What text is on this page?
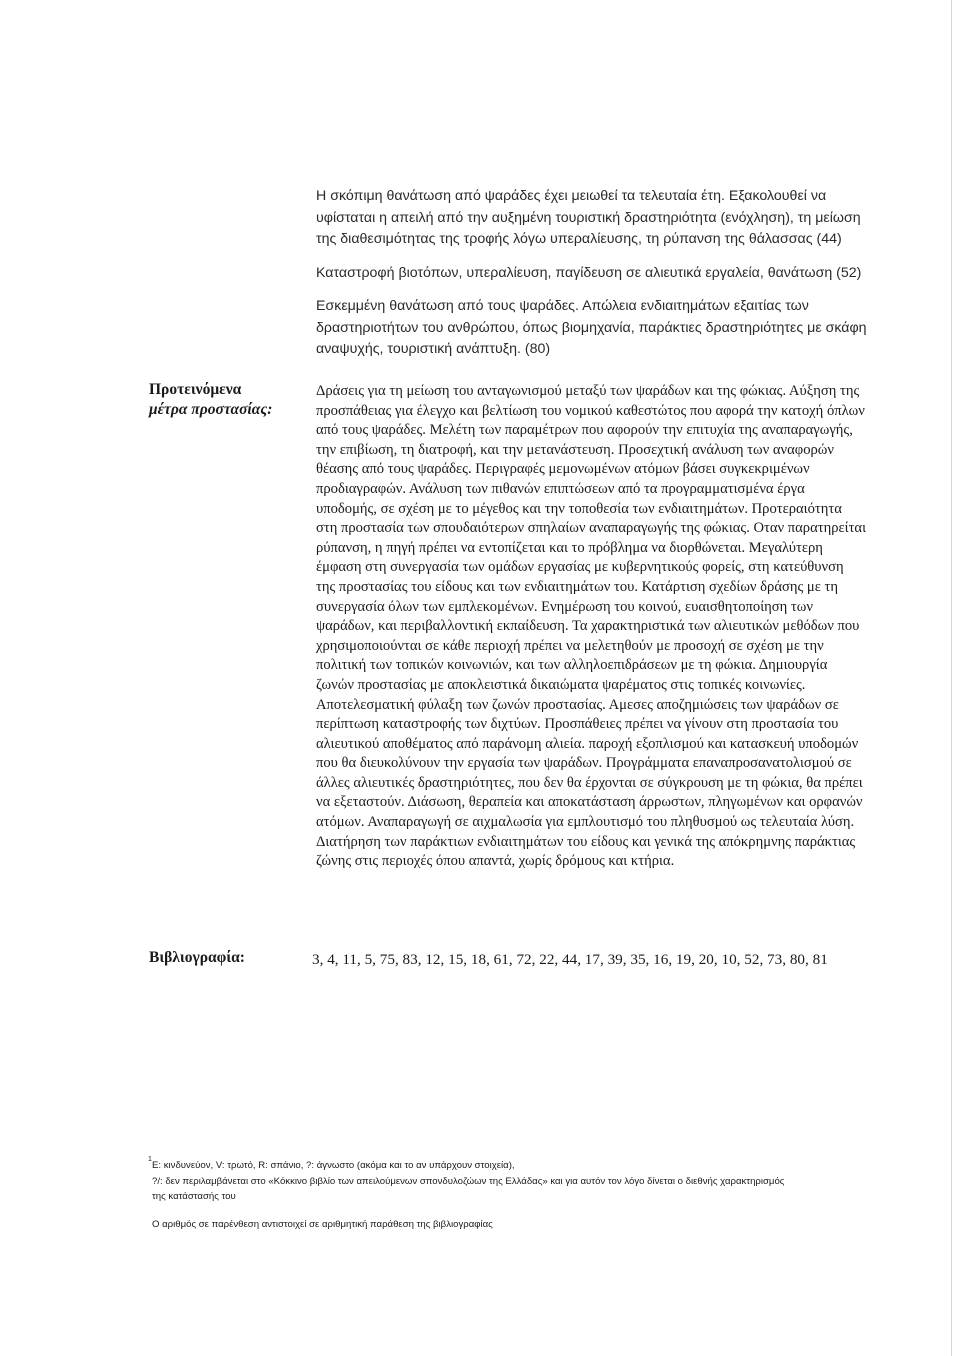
Η σκόπιμη θανάτωση από ψαράδες έχει μειωθεί τα τελευταία έτη. Εξακολουθεί να υφίσταται η απειλή από την αυξημένη τουριστική δραστηριότητα (ενόχληση), τη μείωση της διαθεσιμότητας της τροφής λόγω υπεραλίευσης, τη ρύπανση της θάλασσας (44)

Καταστροφή βιοτόπων, υπεραλίευση, παγίδευση σε αλιευτικά εργαλεία, θανάτωση (52)

Εσκεμμένη θανάτωση από τους ψαράδες. Απώλεια ενδιαιτημάτων εξαιτίας των δραστηριοτήτων του ανθρώπου, όπως βιομηχανία, παράκτιες δραστηριότητες με σκάφη αναψυχής, τουριστική ανάπτυξη. (80)

Προτεινόμενα
μέτρα προστασίας:
Δράσεις για τη μείωση του ανταγωνισμού μεταξύ των ψαράδων και της φώκιας. Αύξηση της προσπάθειας για έλεγχο και βελτίωση του νομικού καθεστώτος που αφορά την κατοχή όπλων από τους ψαράδες. Μελέτη των παραμέτρων που αφορούν την επιτυχία της αναπαραγωγής, την επιβίωση, τη διατροφή, και την μετανάστευση. Προσεχτική ανάλυση των αναφορών θέασης από τους ψαράδες. Περιγραφές μεμονωμένων ατόμων βάσει συγκεκριμένων προδιαγραφών. Ανάλυση των πιθανών επιπτώσεων από τα προγραμματισμένα έργα υποδομής, σε σχέση με το μέγεθος και την τοποθεσία των ενδιαιτημάτων. Προτεραιότητα στη προστασία των σπουδαιότερων σπηλαίων αναπαραγωγής της φώκιας. Οταν παρατηρείται ρύπανση, η πηγή πρέπει να εντοπίζεται και το πρόβλημα να διορθώνεται. Μεγαλύτερη έμφαση στη συνεργασία των ομάδων εργασίας με κυβερνητικούς φορείς, στη κατεύθυνση της προστασίας του είδους και των ενδιαιτημάτων του. Κατάρτιση σχεδίων δράσης με τη συνεργασία όλων των εμπλεκομένων. Ενημέρωση του κοινού, ευαισθητοποίηση των ψαράδων, και περιβαλλοντική εκπαίδευση. Τα χαρακτηριστικά των αλιευτικών μεθόδων που χρησιμοποιούνται σε κάθε περιοχή πρέπει να μελετηθούν με προσοχή σε σχέση με την πολιτική των τοπικών κοινωνιών, και των αλληλοεπιδράσεων με τη φώκια. Δημιουργία ζωνών προστασίας με αποκλειστικά δικαιώματα ψαρέματος στις τοπικές κοινωνίες. Αποτελεσματική φύλαξη των ζωνών προστασίας. Αμεσες αποζημιώσεις των ψαράδων σε περίπτωση καταστροφής των διχτύων. Προσπάθειες πρέπει να γίνουν στη προστασία του αλιευτικού αποθέματος από παράνομη αλιεία. παροχή εξοπλισμού και κατασκευή υποδομών που θα διευκολύνουν την εργασία των ψαράδων. Προγράμματα επαναπροσανατολισμού σε άλλες αλιευτικές δραστηριότητες, που δεν θα έρχονται σε σύγκρουση με τη φώκια, θα πρέπει να εξεταστούν. Διάσωση, θεραπεία και αποκατάσταση άρρωστων, πληγωμένων και ορφανών ατόμων. Αναπαραγωγή σε αιχμαλωσία για εμπλουτισμό του πληθυσμού ως τελευταία λύση. Διατήρηση των παράκτιων ενδιαιτημάτων του είδους και γενικά της απόκρημνης παράκτιας ζώνης στις περιοχές όπου απαντά, χωρίς δρόμους και κτήρια.
Βιβλιογραφία:	3, 4, 11, 5, 75, 83, 12, 15, 18, 61, 72, 22, 44, 17, 39, 35, 16, 19, 20, 10, 52, 73, 80, 81
1

E: κινδυνεύον, V: τρωτό, R: σπάνιο, ?: άγνωστο (ακόμα και το αν υπάρχουν στοιχεία),

?/: δεν περιλαμβάνεται στο «Κόκκινο βιβλίο των απειλούμενων σπονδυλοζώων της Ελλάδας» και για αυτόν τον λόγο δίνεται ο διεθνής χαρακτηρισμός της κατάστασής του

Ο αριθμός σε παρένθεση αντιστοιχεί σε αριθμητική παράθεση της βιβλιογραφίας
